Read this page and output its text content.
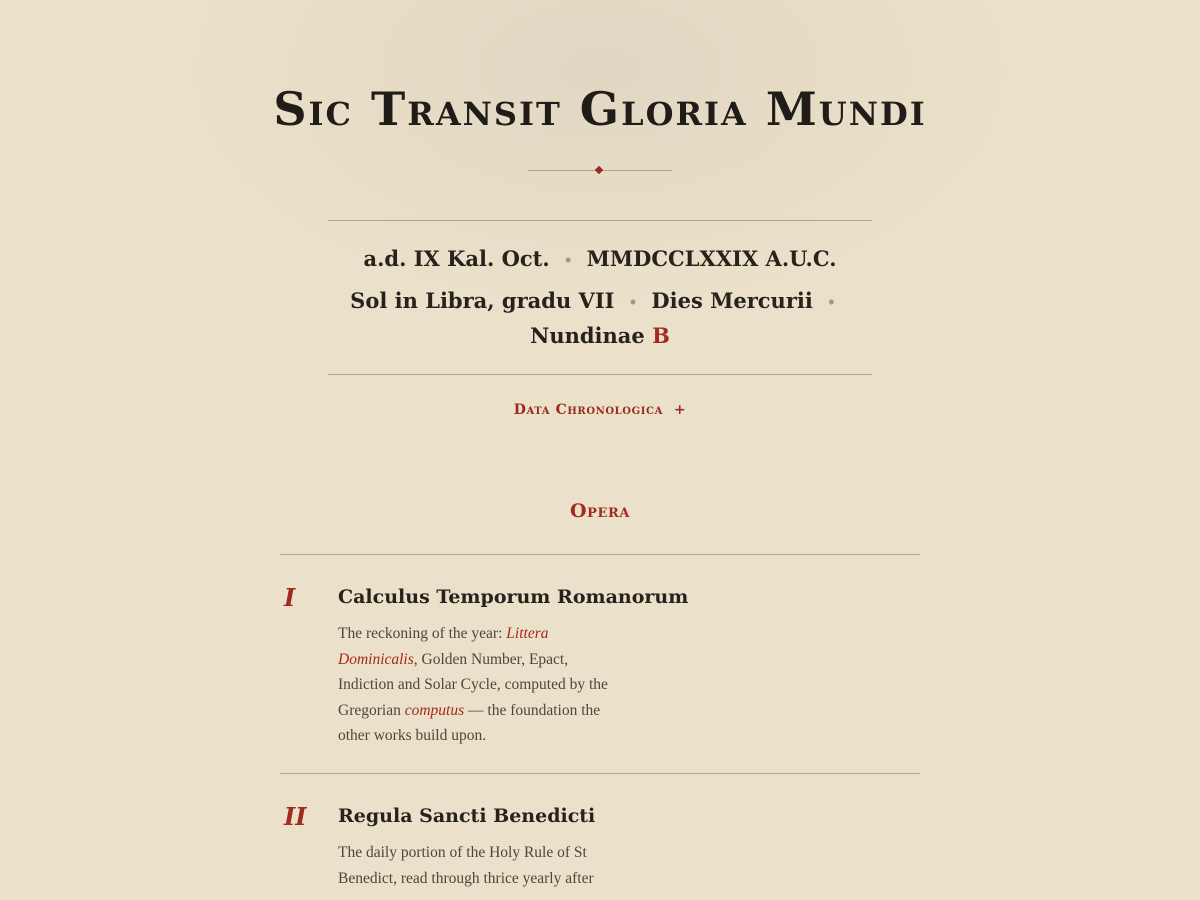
Sic Transit Gloria Mundi
a.d. IX Kal. Oct. • MMDCCLXXIX A.U.C.
Sol in Libra, gradu VII • Dies Mercurii •
Nundinae B
Data Chronologica +
Opera
I Calculus Temporum Romanorum
The reckoning of the year: Littera Dominicalis, Golden Number, Epact, Indiction and Solar Cycle, computed by the Gregorian computus — the foundation the other works build upon.
II Regula Sancti Benedicti
The daily portion of the Holy Rule of St Benedict, read through thrice yearly after
